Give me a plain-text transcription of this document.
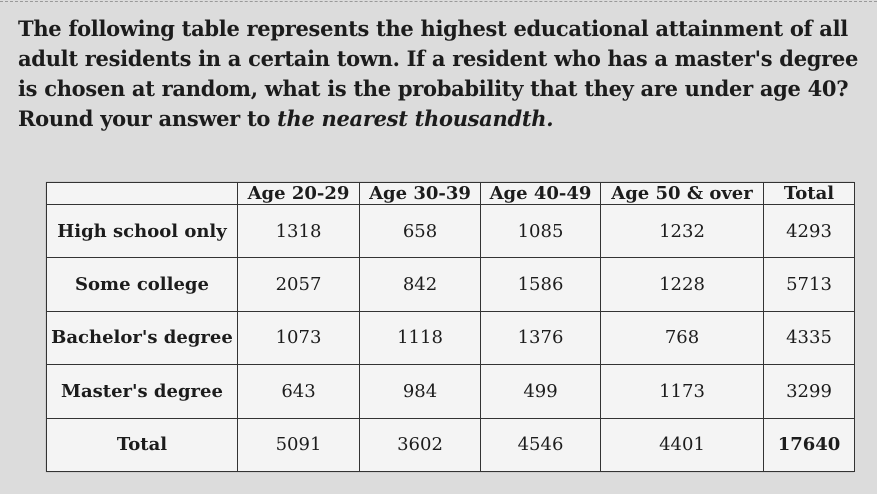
The following table represents the highest educational attainment of all adult residents in a certain town. If a resident who has a master's degree is chosen at random, what is the probability that they are under age 40? Round your answer to the nearest thousandth.
	Age 20-29	Age 30-39	Age 40-49	Age 50 & over	Total
High school only	1318	658	1085	1232	4293
Some college	2057	842	1586	1228	5713
Bachelor's degree	1073	1118	1376	768	4335
Master's degree	643	984	499	1173	3299
Total	5091	3602	4546	4401	17640
